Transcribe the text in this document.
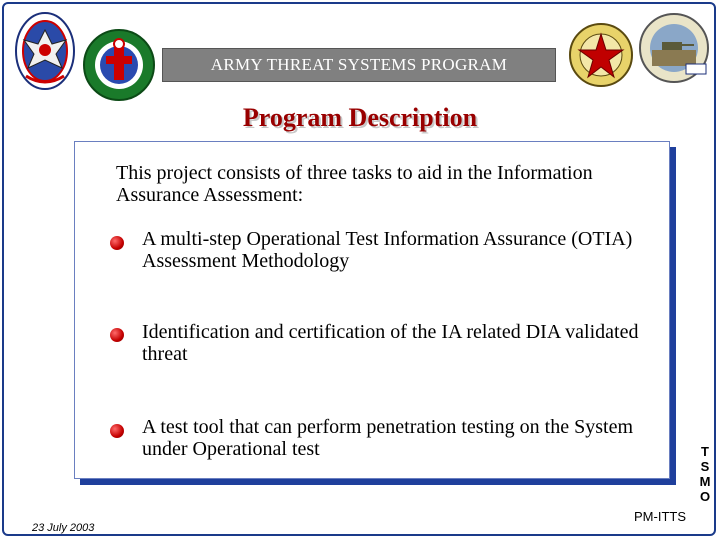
ARMY THREAT SYSTEMS PROGRAM
Program Description
This project consists of three tasks to aid in the Information Assurance Assessment:
A multi-step Operational Test Information Assurance (OTIA) Assessment Methodology
Identification and certification of the IA related DIA validated threat
A test tool that can perform penetration testing on the System under Operational test	T
S
M
O
PM-ITTS
23 July 2003
